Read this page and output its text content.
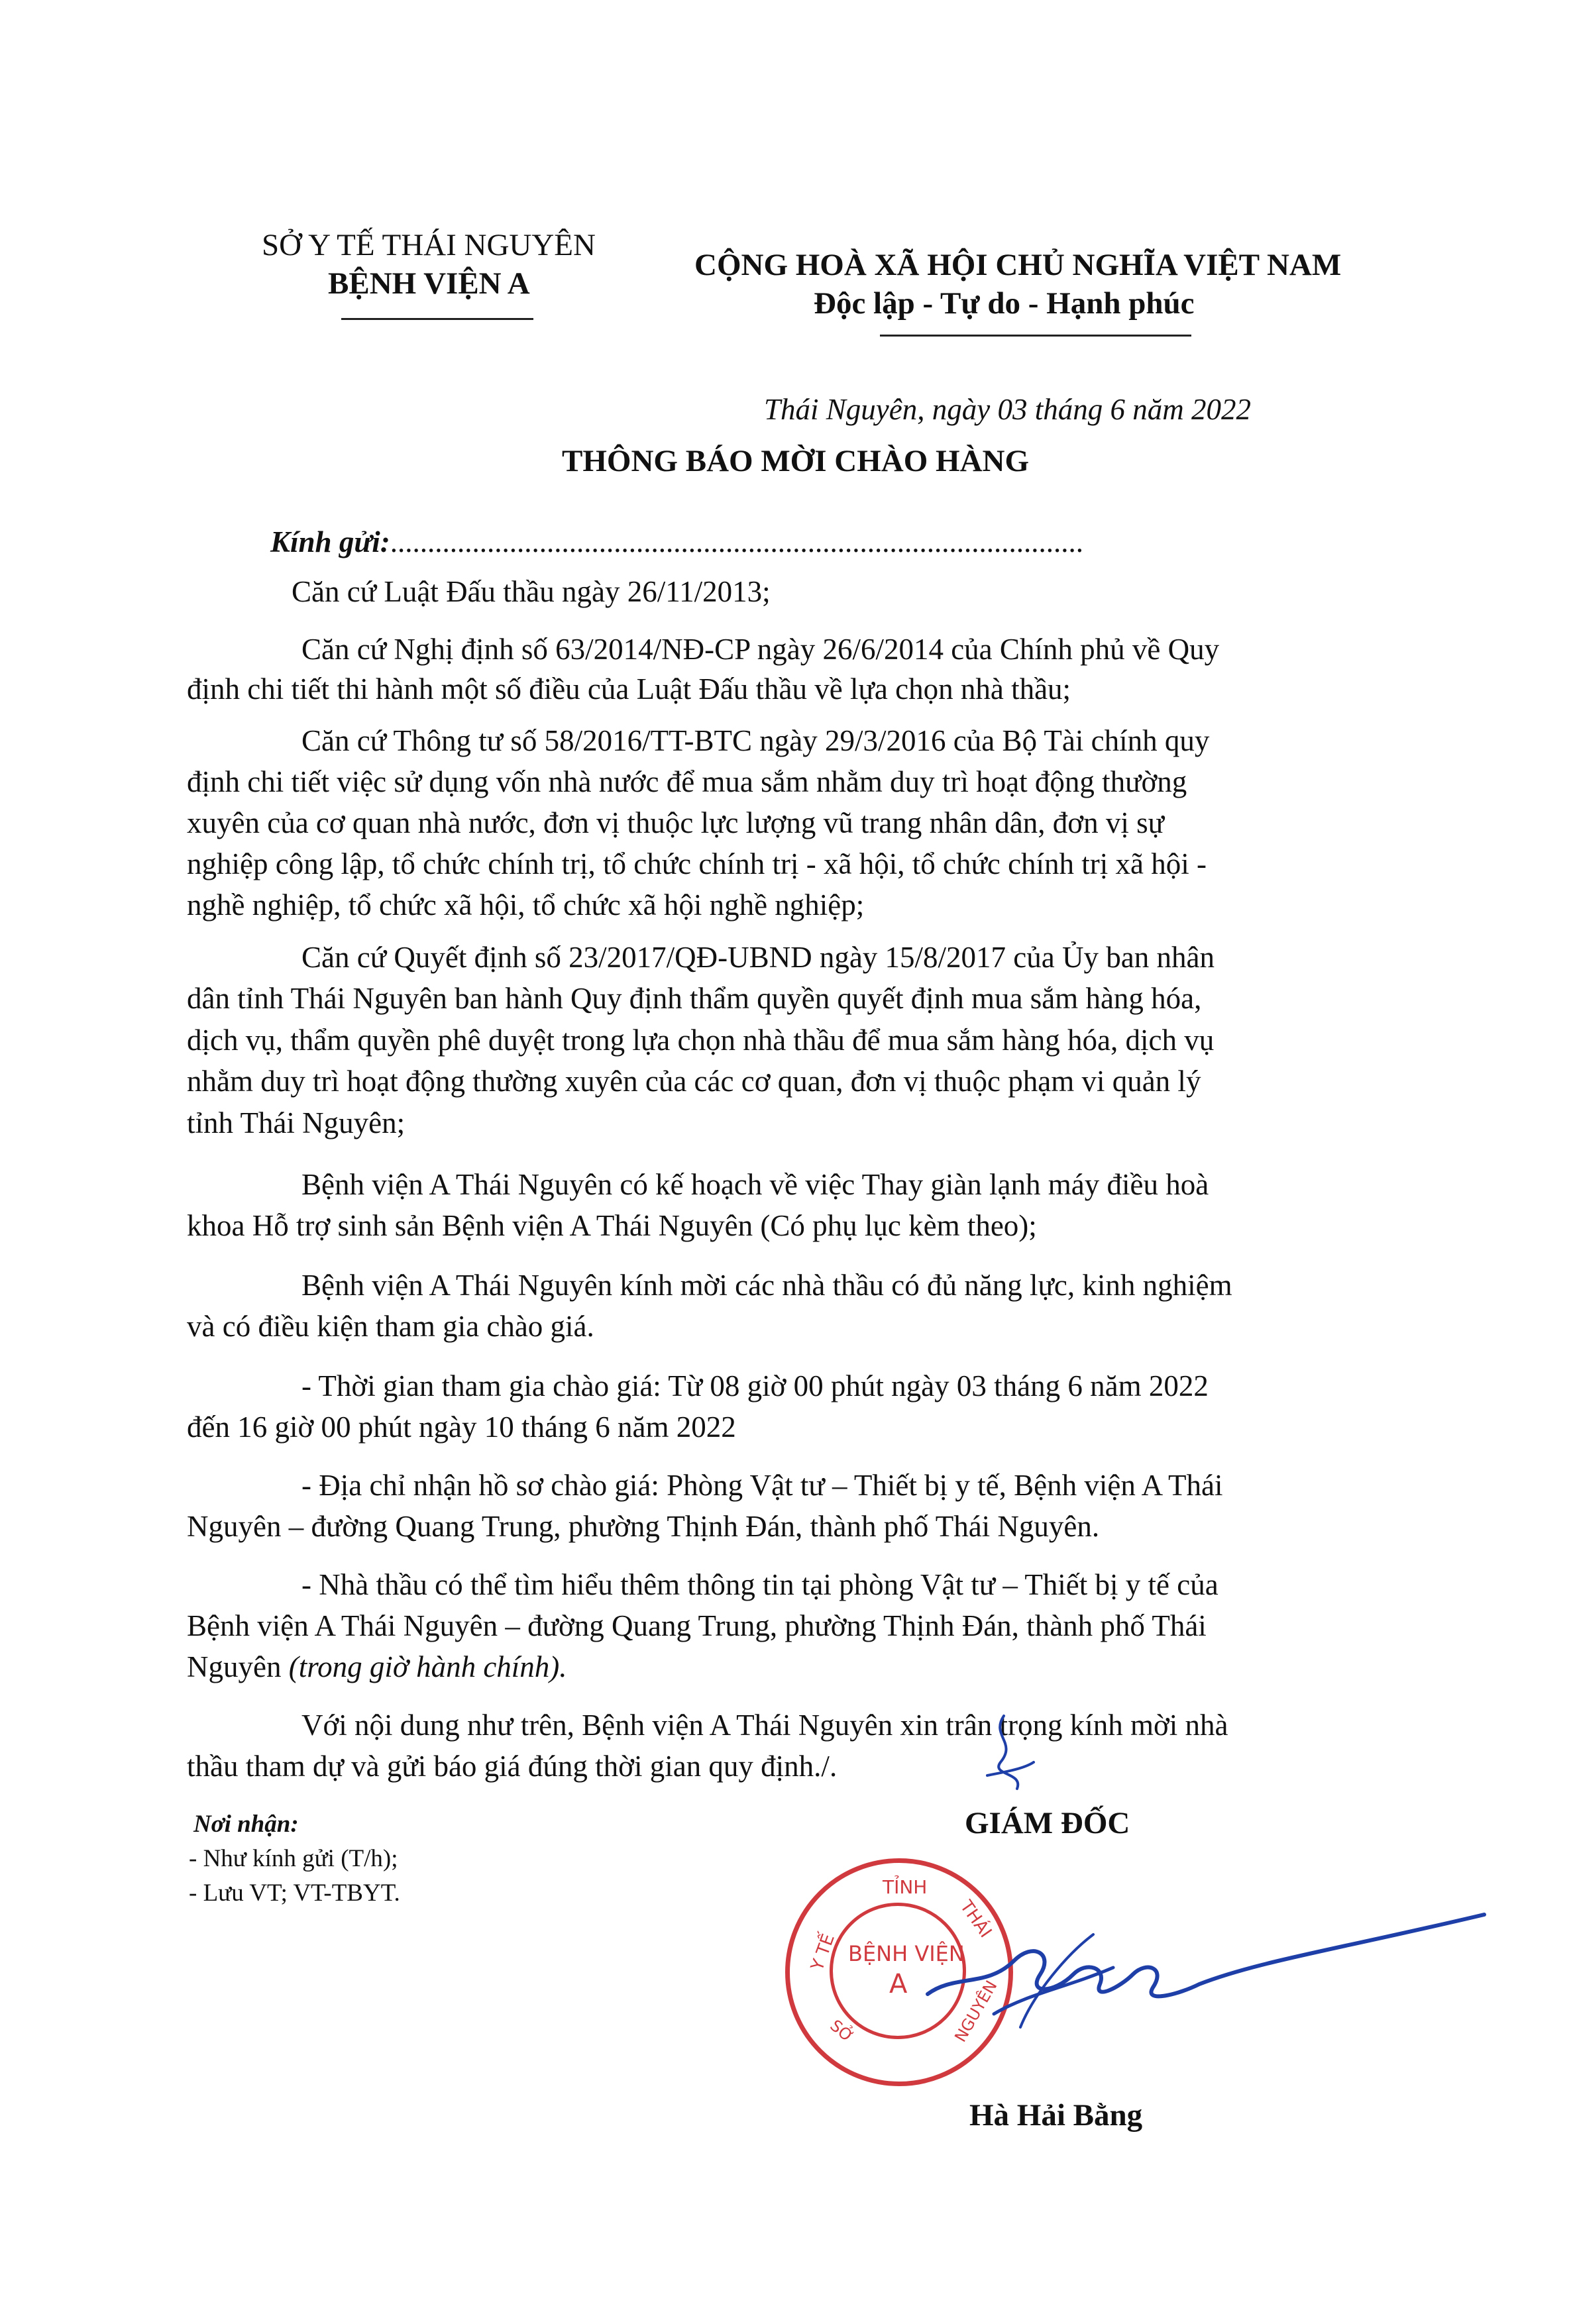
SỞ Y TẾ THÁI NGUYÊN
BỆNH VIỆN A
CỘNG HOÀ XÃ HỘI CHỦ NGHĨA VIỆT NAM
Độc lập - Tự do - Hạnh phúc
Thái Nguyên, ngày 03 tháng 6 năm 2022
THÔNG BÁO MỜI CHÀO HÀNG
Kính gửi:.............................................................................................
Căn cứ Luật Đấu thầu ngày 26/11/2013;
Căn cứ Nghị định số 63/2014/NĐ-CP ngày 26/6/2014 của Chính phủ về Quy
định chi tiết thi hành một số điều của Luật Đấu thầu về lựa chọn nhà thầu;
Căn cứ Thông tư số 58/2016/TT-BTC ngày 29/3/2016 của Bộ Tài chính quy
định chi tiết việc sử dụng vốn nhà nước để mua sắm nhằm duy trì hoạt động thường
xuyên của cơ quan nhà nước, đơn vị thuộc lực lượng vũ trang nhân dân, đơn vị sự
nghiệp công lập, tổ chức chính trị, tổ chức chính trị - xã hội, tổ chức chính trị xã hội -
nghề nghiệp, tổ chức xã hội, tổ chức xã hội nghề nghiệp;
Căn cứ Quyết định số 23/2017/QĐ-UBND ngày 15/8/2017 của Ủy ban nhân
dân tỉnh Thái Nguyên ban hành Quy định thẩm quyền quyết định mua sắm hàng hóa,
dịch vụ, thẩm quyền phê duyệt trong lựa chọn nhà thầu để mua sắm hàng hóa, dịch vụ
nhằm duy trì hoạt động thường xuyên của các cơ quan, đơn vị thuộc phạm vi quản lý
tỉnh Thái Nguyên;
Bệnh viện A Thái Nguyên có kế hoạch về việc Thay giàn lạnh máy điều hoà
khoa Hỗ trợ sinh sản Bệnh viện A Thái Nguyên (Có phụ lục kèm theo);
Bệnh viện A Thái Nguyên kính mời các nhà thầu có đủ năng lực, kinh nghiệm
và có điều kiện tham gia chào giá.
- Thời gian tham gia chào giá: Từ 08 giờ 00 phút ngày 03 tháng 6 năm 2022
đến 16 giờ 00 phút ngày 10 tháng 6 năm 2022
- Địa chỉ nhận hồ sơ chào giá: Phòng Vật tư – Thiết bị y tế, Bệnh viện A Thái
Nguyên – đường Quang Trung, phường Thịnh Đán, thành phố Thái Nguyên.
- Nhà thầu có thể tìm hiểu thêm thông tin tại phòng Vật tư – Thiết bị y tế của
Bệnh viện A Thái Nguyên – đường Quang Trung, phường Thịnh Đán, thành phố Thái
Nguyên (trong giờ hành chính).
Với nội dung như trên, Bệnh viện A Thái Nguyên xin trân trọng kính mời nhà
thầu tham dự và gửi báo giá đúng thời gian quy định./.
Nơi nhận:
- Như kính gửi (T/h);
- Lưu VT; VT-TBYT.
GIÁM ĐỐC
TỈNH
Y TẾ
THÁI
BỆNH VIỆN
A	NGUYÊN
SỞ
Hà Hải Bằng
